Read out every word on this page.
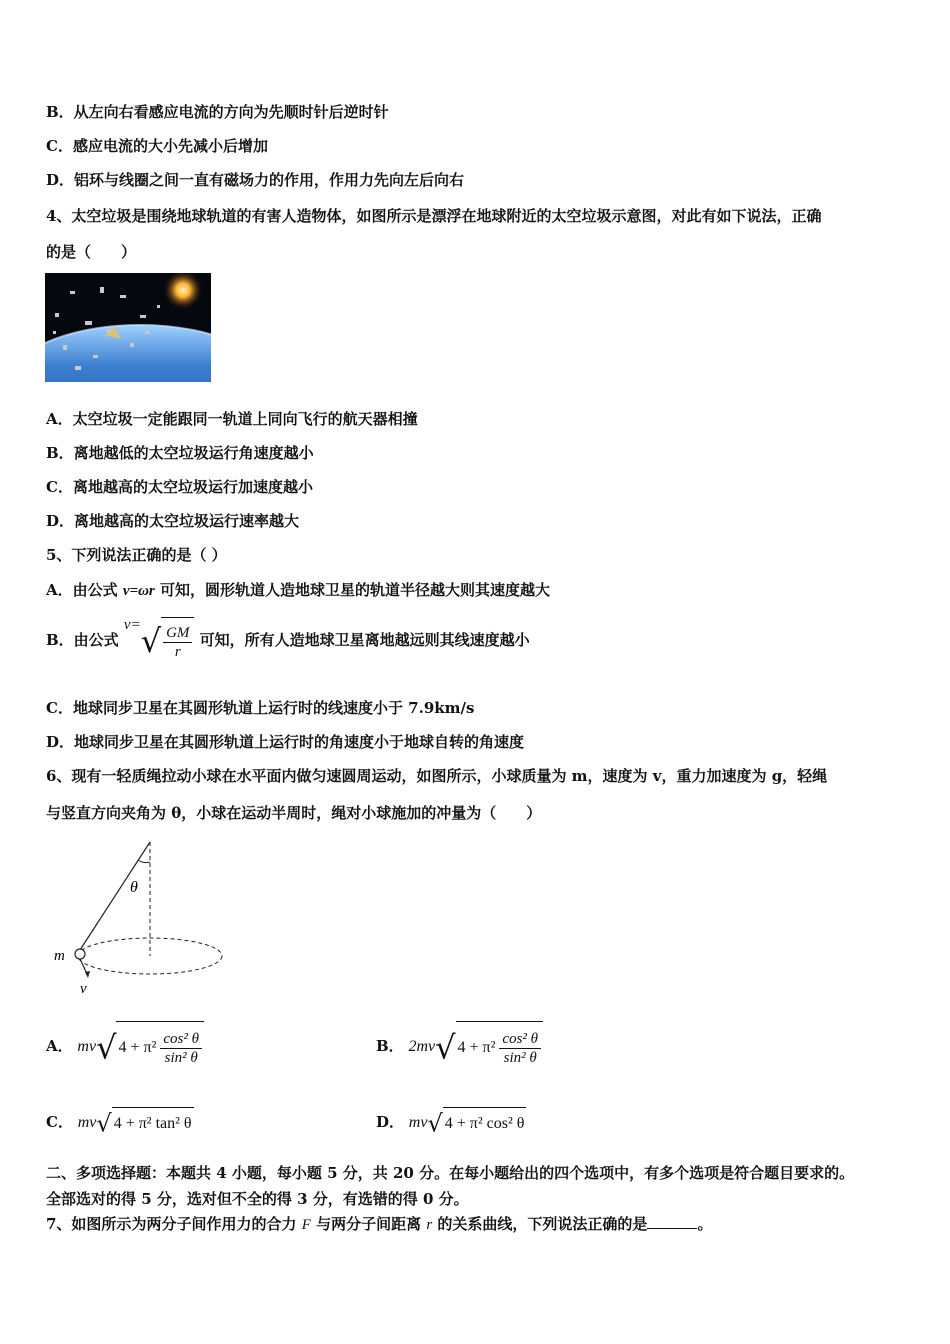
B．从左向右看感应电流的方向为先顺时针后逆时针
C．感应电流的大小先减小后增加
D．铝环与线圈之间一直有磁场力的作用，作用力先向左后向右
4、太空垃圾是围绕地球轨道的有害人造物体，如图所示是漂浮在地球附近的太空垃圾示意图，对此有如下说法，正确
的是（　　）
A．太空垃圾一定能跟同一轨道上同向飞行的航天器相撞
B．离地越低的太空垃圾运行角速度越小
C．离地越高的太空垃圾运行加速度越小
D．离地越高的太空垃圾运行速率越大
5、下列说法正确的是（ ）
A．由公式 v=ωr 可知，圆形轨道人造地球卫星的轨道半径越大则其速度越大
B．由公式 $v=√ \frac{GM}{r}$ 可知，所有人造地球卫星离地越远则其线速度越小
C．地球同步卫星在其圆形轨道上运行时的线速度小于 7.9km/s
D．地球同步卫星在其圆形轨道上运行时的角速度小于地球自转的角速度
6、现有一轻质绳拉动小球在水平面内做匀速圆周运动，如图所示，小球质量为 m，速度为 v，重力加速度为 g，轻绳
与竖直方向夹角为 θ，小球在运动半周时，绳对小球施加的冲量为（　　）
θ
m
v
A． mv√ $4 + \pi^2 \frac{\text{cos² θ}}{\text{sin² θ}}$	B． 2mv√ $4 + \pi^2 \frac{\text{cos² θ}}{\text{sin² θ}}$
C． mv√ 4 + π² tan² θ	D． mv√ 4 + π² cos² θ
二、多项选择题：本题共 4 小题，每小题 5 分，共 20 分。在每小题给出的四个选项中，有多个选项是符合题目要求的。
全部选对的得 5 分，选对但不全的得 3 分，有选错的得 0 分。
7、如图所示为两分子间作用力的合力 F 与两分子间距离 r 的关系曲线，下列说法正确的是	。
